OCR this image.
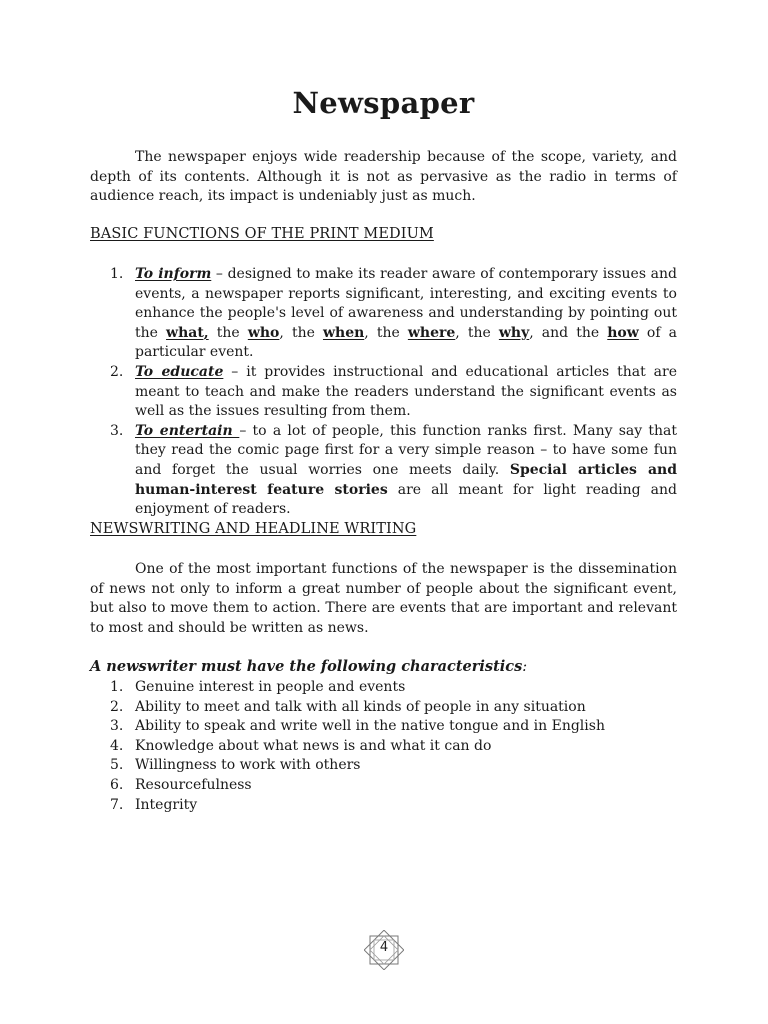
Newspaper

The newspaper enjoys wide readership because of the scope, variety, and depth of its contents. Although it is not as pervasive as the radio in terms of audience reach, its impact is undeniably just as much.

BASIC FUNCTIONS OF THE PRINT MEDIUM

1. To inform – designed to make its reader aware of contemporary issues and events, a newspaper reports significant, interesting, and exciting events to enhance the people's level of awareness and understanding by pointing out the what, the who, the when, the where, the why, and the how of a particular event.
2. To educate – it provides instructional and educational articles that are meant to teach and make the readers understand the significant events as well as the issues resulting from them.
3. To entertain – to a lot of people, this function ranks first. Many say that they read the comic page first for a very simple reason – to have some fun and forget the usual worries one meets daily. Special articles and human-interest feature stories are all meant for light reading and enjoyment of readers.

NEWSWRITING AND HEADLINE WRITING

One of the most important functions of the newspaper is the dissemination of news not only to inform a great number of people about the significant event, but also to move them to action. There are events that are important and relevant to most and should be written as news.

A newswriter must have the following characteristics:

1. Genuine interest in people and events
2. Ability to meet and talk with all kinds of people in any situation
3. Ability to speak and write well in the native tongue and in English
4. Knowledge about what news is and what it can do
5. Willingness to work with others
6. Resourcefulness
7. Integrity
4
